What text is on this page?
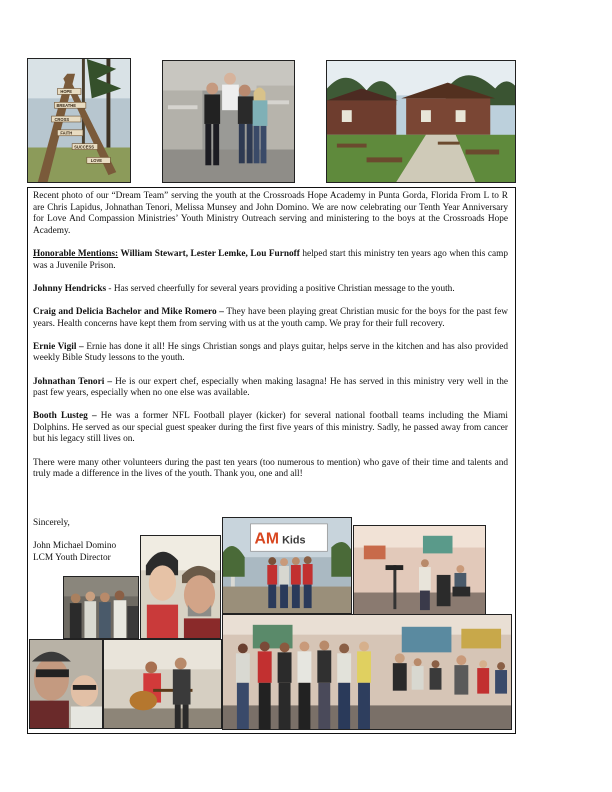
HOPE
BREATHE
CROSS
FAITH
SUCCESS
LOVE

Recent photo of our “Dream Team” serving the youth at the Crossroads Hope Academy in Punta Gorda, Florida From L to R are Chris Lapidus, Johnathan Tenori, Melissa Munsey and John Domino. We are now celebrating our Tenth Year Anniversary for Love And Compassion Ministries’ Youth Ministry Outreach serving and ministering to the boys at the Crossroads Hope Academy.

Honorable Mentions: William Stewart, Lester Lemke, Lou Furnoff helped start this ministry ten years ago when this camp was a Juvenile Prison.

Johnny Hendricks - Has served cheerfully for several years providing a positive Christian message to the youth.

Craig and Delicia Bachelor and Mike Romero – They have been playing great Christian music for the boys for the past few years. Health concerns have kept them from serving with us at the youth camp. We pray for their full recovery.

Ernie Vigil – Ernie has done it all! He sings Christian songs and plays guitar, helps serve in the kitchen and has also provided weekly Bible Study lessons to the youth.

Johnathan Tenori – He is our expert chef, especially when making lasagna! He has served in this ministry very well in the past few years, especially when no one else was available.

Booth Lusteg – He was a former NFL Football player (kicker) for several national football teams including the Miami Dolphins. He served as our special guest speaker during the first five years of this ministry. Sadly, he passed away from cancer but his legacy still lives on.

There were many other volunteers during the past ten years (too numerous to mention) who gave of their time and talents and truly made a difference in the lives of the youth. Thank you, one and all!

Sincerely,
John Michael Domino
LCM Youth Director
AM Kids
